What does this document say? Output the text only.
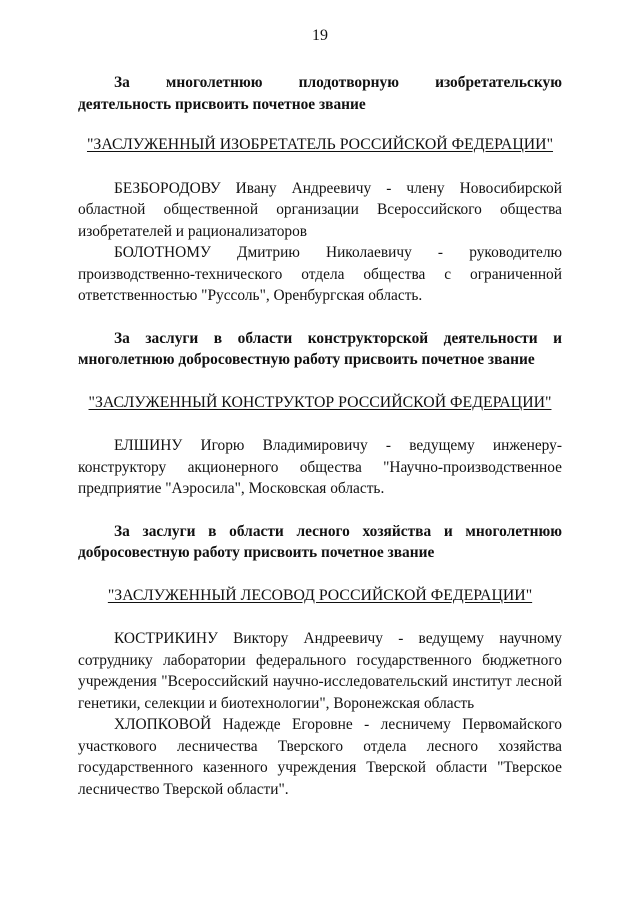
19

За многолетнюю плодотворную изобретательскую деятельность присвоить почетное звание

"ЗАСЛУЖЕННЫЙ ИЗОБРЕТАТЕЛЬ РОССИЙСКОЙ ФЕДЕРАЦИИ"

БЕЗБОРОДОВУ Ивану Андреевичу - члену Новосибирской областной общественной организации Всероссийского общества изобретателей и рационализаторов

БОЛОТНОМУ Дмитрию Николаевичу - руководителю производственно-технического отдела общества с ограниченной ответственностью "Руссоль", Оренбургская область.

За заслуги в области конструкторской деятельности и многолетнюю добросовестную работу присвоить почетное звание

"ЗАСЛУЖЕННЫЙ КОНСТРУКТОР РОССИЙСКОЙ ФЕДЕРАЦИИ"

ЕЛШИНУ Игорю Владимировичу - ведущему инженеру-конструктору акционерного общества "Научно-производственное предприятие "Аэросила", Московская область.

За заслуги в области лесного хозяйства и многолетнюю добросовестную работу присвоить почетное звание

"ЗАСЛУЖЕННЫЙ ЛЕСОВОД РОССИЙСКОЙ ФЕДЕРАЦИИ"

КОСТРИКИНУ Виктору Андреевичу - ведущему научному сотруднику лаборатории федерального государственного бюджетного учреждения "Всероссийский научно-исследовательский институт лесной генетики, селекции и биотехнологии", Воронежская область

ХЛОПКОВОЙ Надежде Егоровне - лесничему Первомайского участкового лесничества Тверского отдела лесного хозяйства государственного казенного учреждения Тверской области "Тверское лесничество Тверской области".
